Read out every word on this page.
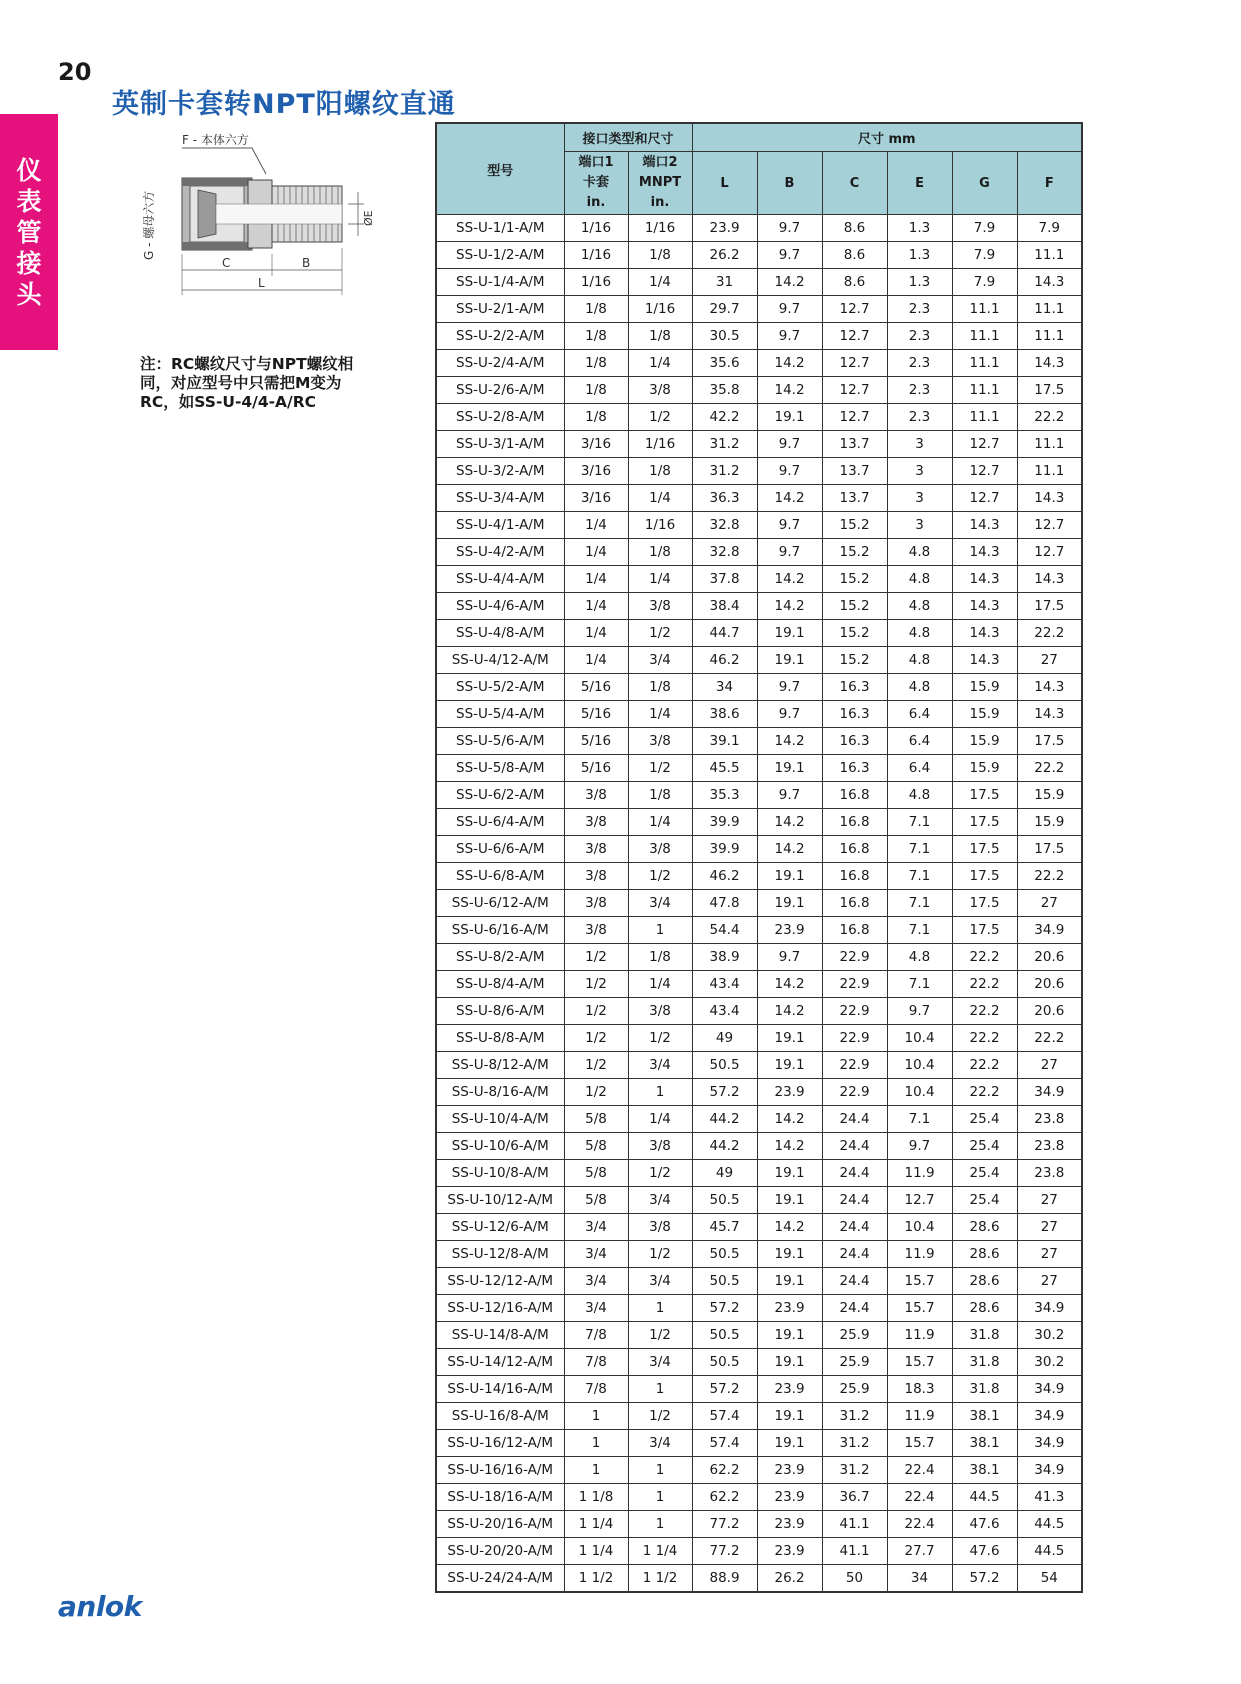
20
英制卡套转NPT阳螺纹直通
仪
表
管
接
头
F - 本体六方
G - 螺母六方	ØE
C	B
L
注：RC螺纹尺寸与NPT螺纹相同，对应型号中只需把M变为RC，如SS-U-4/4-A/RC
anlok
型号	接口类型和尺寸		尺寸 mm					
	端口1
卡套
in.	端口2
MNPT
in.	L	B	C	E	G	F
SS-U-1/1-A/M	1/16	1/16	23.9	9.7	8.6	1.3	7.9	7.9
SS-U-1/2-A/M	1/16	1/8	26.2	9.7	8.6	1.3	7.9	11.1
SS-U-1/4-A/M	1/16	1/4	31	14.2	8.6	1.3	7.9	14.3
SS-U-2/1-A/M	1/8	1/16	29.7	9.7	12.7	2.3	11.1	11.1
SS-U-2/2-A/M	1/8	1/8	30.5	9.7	12.7	2.3	11.1	11.1
SS-U-2/4-A/M	1/8	1/4	35.6	14.2	12.7	2.3	11.1	14.3
SS-U-2/6-A/M	1/8	3/8	35.8	14.2	12.7	2.3	11.1	17.5
SS-U-2/8-A/M	1/8	1/2	42.2	19.1	12.7	2.3	11.1	22.2
SS-U-3/1-A/M	3/16	1/16	31.2	9.7	13.7	3	12.7	11.1
SS-U-3/2-A/M	3/16	1/8	31.2	9.7	13.7	3	12.7	11.1
SS-U-3/4-A/M	3/16	1/4	36.3	14.2	13.7	3	12.7	14.3
SS-U-4/1-A/M	1/4	1/16	32.8	9.7	15.2	3	14.3	12.7
SS-U-4/2-A/M	1/4	1/8	32.8	9.7	15.2	4.8	14.3	12.7
SS-U-4/4-A/M	1/4	1/4	37.8	14.2	15.2	4.8	14.3	14.3
SS-U-4/6-A/M	1/4	3/8	38.4	14.2	15.2	4.8	14.3	17.5
SS-U-4/8-A/M	1/4	1/2	44.7	19.1	15.2	4.8	14.3	22.2
SS-U-4/12-A/M	1/4	3/4	46.2	19.1	15.2	4.8	14.3	27
SS-U-5/2-A/M	5/16	1/8	34	9.7	16.3	4.8	15.9	14.3
SS-U-5/4-A/M	5/16	1/4	38.6	9.7	16.3	6.4	15.9	14.3
SS-U-5/6-A/M	5/16	3/8	39.1	14.2	16.3	6.4	15.9	17.5
SS-U-5/8-A/M	5/16	1/2	45.5	19.1	16.3	6.4	15.9	22.2
SS-U-6/2-A/M	3/8	1/8	35.3	9.7	16.8	4.8	17.5	15.9
SS-U-6/4-A/M	3/8	1/4	39.9	14.2	16.8	7.1	17.5	15.9
SS-U-6/6-A/M	3/8	3/8	39.9	14.2	16.8	7.1	17.5	17.5
SS-U-6/8-A/M	3/8	1/2	46.2	19.1	16.8	7.1	17.5	22.2
SS-U-6/12-A/M	3/8	3/4	47.8	19.1	16.8	7.1	17.5	27
SS-U-6/16-A/M	3/8	1	54.4	23.9	16.8	7.1	17.5	34.9
SS-U-8/2-A/M	1/2	1/8	38.9	9.7	22.9	4.8	22.2	20.6
SS-U-8/4-A/M	1/2	1/4	43.4	14.2	22.9	7.1	22.2	20.6
SS-U-8/6-A/M	1/2	3/8	43.4	14.2	22.9	9.7	22.2	20.6
SS-U-8/8-A/M	1/2	1/2	49	19.1	22.9	10.4	22.2	22.2
SS-U-8/12-A/M	1/2	3/4	50.5	19.1	22.9	10.4	22.2	27
SS-U-8/16-A/M	1/2	1	57.2	23.9	22.9	10.4	22.2	34.9
SS-U-10/4-A/M	5/8	1/4	44.2	14.2	24.4	7.1	25.4	23.8
SS-U-10/6-A/M	5/8	3/8	44.2	14.2	24.4	9.7	25.4	23.8
SS-U-10/8-A/M	5/8	1/2	49	19.1	24.4	11.9	25.4	23.8
SS-U-10/12-A/M	5/8	3/4	50.5	19.1	24.4	12.7	25.4	27
SS-U-12/6-A/M	3/4	3/8	45.7	14.2	24.4	10.4	28.6	27
SS-U-12/8-A/M	3/4	1/2	50.5	19.1	24.4	11.9	28.6	27
SS-U-12/12-A/M	3/4	3/4	50.5	19.1	24.4	15.7	28.6	27
SS-U-12/16-A/M	3/4	1	57.2	23.9	24.4	15.7	28.6	34.9
SS-U-14/8-A/M	7/8	1/2	50.5	19.1	25.9	11.9	31.8	30.2
SS-U-14/12-A/M	7/8	3/4	50.5	19.1	25.9	15.7	31.8	30.2
SS-U-14/16-A/M	7/8	1	57.2	23.9	25.9	18.3	31.8	34.9
SS-U-16/8-A/M	1	1/2	57.4	19.1	31.2	11.9	38.1	34.9
SS-U-16/12-A/M	1	3/4	57.4	19.1	31.2	15.7	38.1	34.9
SS-U-16/16-A/M	1	1	62.2	23.9	31.2	22.4	38.1	34.9
SS-U-18/16-A/M	1 1/8	1	62.2	23.9	36.7	22.4	44.5	41.3
SS-U-20/16-A/M	1 1/4	1	77.2	23.9	41.1	22.4	47.6	44.5
SS-U-20/20-A/M	1 1/4	1 1/4	77.2	23.9	41.1	27.7	47.6	44.5
SS-U-24/24-A/M	1 1/2	1 1/2	88.9	26.2	50	34	57.2	54
